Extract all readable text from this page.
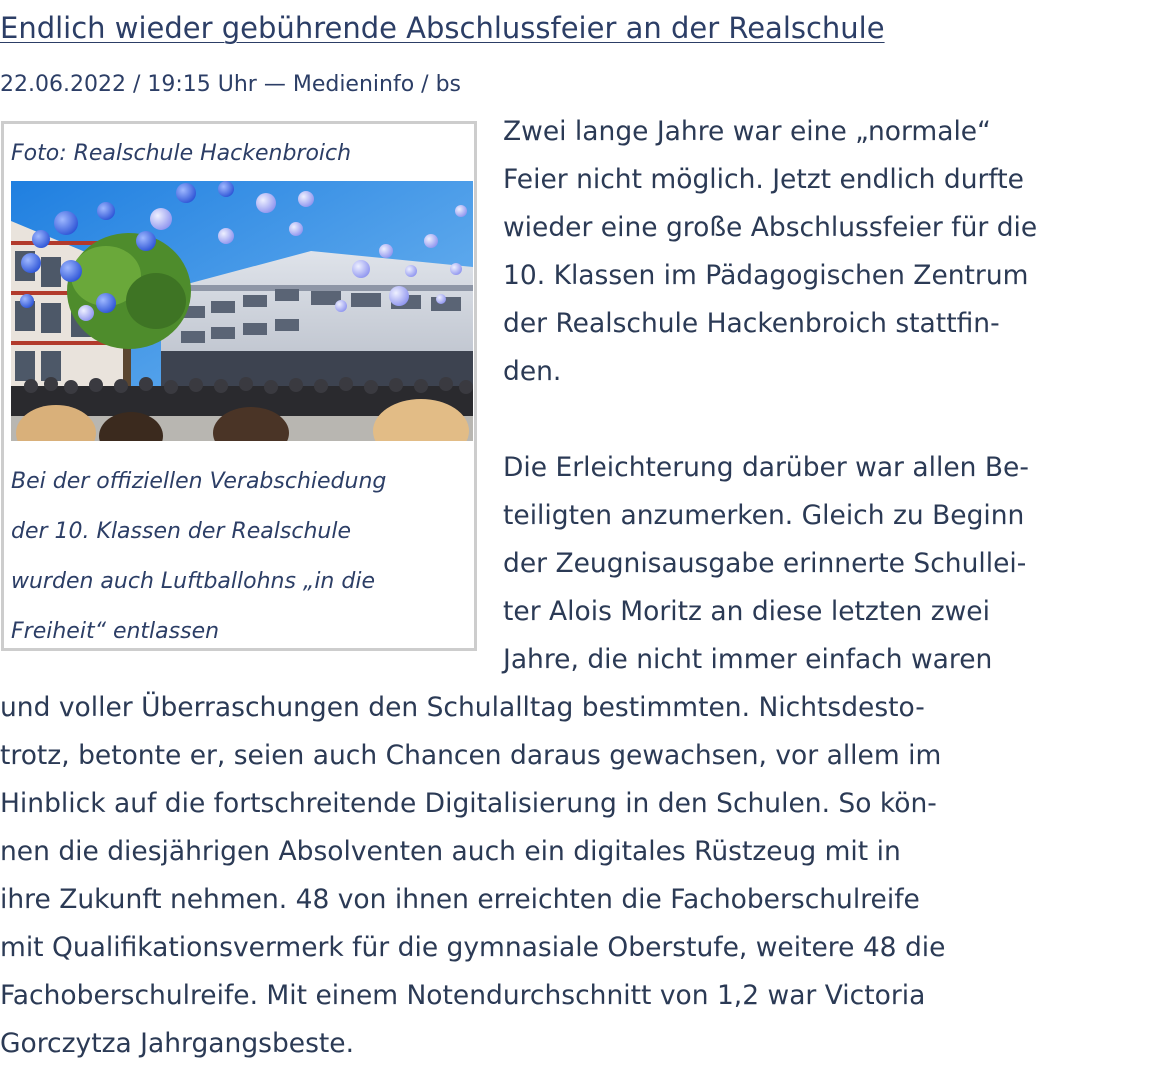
Endlich wieder gebührende Abschlussfeier an der Realschule
22.06.2022 / 19:15 Uhr — Medieninfo / bs
Foto: Realschule Hackenbroich
Bei der offiziellen Verabschiedung
der 10. Klassen der Realschule
wurden auch Luftballohns „in die
Freiheit“ entlassen
Zwei lange Jahre war eine „normale“
Feier nicht möglich. Jetzt endlich durfte
wieder eine große Abschlussfeier für die
10. Klassen im Pädagogischen Zentrum
der Realschule Hackenbroich stattfin-
den.
Die Erleichterung darüber war allen Be-
teiligten anzumerken. Gleich zu Beginn
der Zeugnisausgabe erinnerte Schullei-
ter Alois Moritz an diese letzten zwei
Jahre, die nicht immer einfach waren
und voller Überraschungen den Schulalltag bestimmten. Nichtsdesto-
trotz, betonte er, seien auch Chancen daraus gewachsen, vor allem im
Hinblick auf die fortschreitende Digitalisierung in den Schulen. So kön-
nen die diesjährigen Absolventen auch ein digitales Rüstzeug mit in
ihre Zukunft nehmen. 48 von ihnen erreichten die Fachoberschulreife
mit Qualifikationsvermerk für die gymnasiale Oberstufe, weitere 48 die
Fachoberschulreife. Mit einem Notendurchschnitt von 1,2 war Victoria
Gorczytza Jahrgangsbeste.
